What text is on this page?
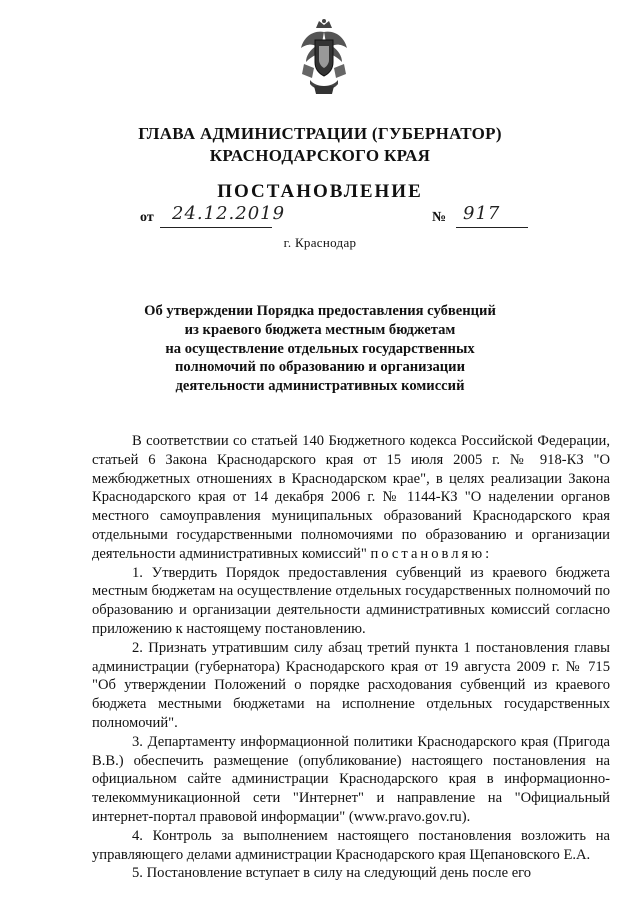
ГЛАВА АДМИНИСТРАЦИИ (ГУБЕРНАТОР)
КРАСНОДАРСКОГО КРАЯ
ПОСТАНОВЛЕНИЕ
от 24.12.2019	№ 917
г. Краснодар
Об утверждении Порядка предоставления субвенций
из краевого бюджета местным бюджетам
на осуществление отдельных государственных
полномочий по образованию и организации
деятельности административных комиссий

В соответствии со статьей 140 Бюджетного кодекса Российской Федерации, статьей 6 Закона Краснодарского края от 15 июля 2005 г. № 918-КЗ "О межбюджетных отношениях в Краснодарском крае", в целях реализации Закона Краснодарского края от 14 декабря 2006 г. № 1144-КЗ "О наделении органов местного самоуправления муниципальных образований Краснодарского края отдельными государственными полномочиями по образованию и организации деятельности административных комиссий" постановляю:

1. Утвердить Порядок предоставления субвенций из краевого бюджета местным бюджетам на осуществление отдельных государственных полномочий по образованию и организации деятельности административных комиссий согласно приложению к настоящему постановлению.

2. Признать утратившим силу абзац третий пункта 1 постановления главы администрации (губернатора) Краснодарского края от 19 августа 2009 г. № 715 "Об утверждении Положений о порядке расходования субвенций из краевого бюджета местными бюджетами на исполнение отдельных государственных полномочий".

3. Департаменту информационной политики Краснодарского края (Пригода В.В.) обеспечить размещение (опубликование) настоящего постановления на официальном сайте администрации Краснодарского края в информационно-телекоммуникационной сети "Интернет" и направление на "Официальный интернет-портал правовой информации" (www.pravo.gov.ru).

4. Контроль за выполнением настоящего постановления возложить на управляющего делами администрации Краснодарского края Щепановского Е.А.

5. Постановление вступает в силу на следующий день после его
